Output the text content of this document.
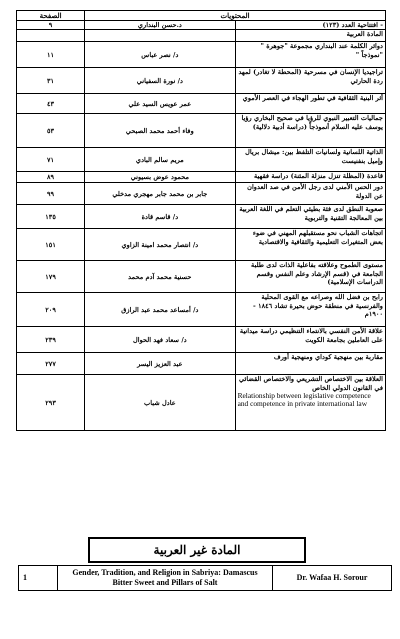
المحتويات		الصفحة
- افتتاحية العدد (١٢٣)	د.حسن البنداري	٩
المادة العربية		
دوائر الكلمة عند البنداري مجموعة "جوهرة " "نموذجاً "	د/ نصر عباس	١١
تراجيديا الإنسان في مسرحية (المحطة لا تغادر) لمهد ردة الحارثي	د/ نورة السفياني	٣١
أثر البنية الثقافية في تطور الهجاء في العصر الأموي	عمر عويس السيد علي	٤٣
جماليات التعبير النبوي للرؤيا في صحيح البخاري رؤيا يوسف عليه السلام أنموذجاً (دراسة أدبية دلالية)	وفاء أحمد محمد الصبحي	٥٣
الذاتية اللسانية ولسانيات التلفظ بين: ميشال بريال وإميل بنفنيست	مريم سالم البادي	٧١
قاعدة (المظلة تنزل منزلة المئنة) دراسة فقهية	محمود عوض بسيوني	٨٩
دور الحس الأمني لدى رجل الأمن في صد العدوان عن الدولة	جابر بن محمد جابر مهجري مدخلي	٩٩
صعوبة النطق لدى فئة بطيئي التعلم في اللغة العربية بين المعالجة التقنية والتربوية	د/ قاسم قادة	١٣٥
اتجاهات الشباب نحو مستقبلهم المهني في ضوء بعض المتغيرات التعليمية والثقافية والاقتصادية	د/ انتصار محمد امينة الزاوي	١٥١
مستوى الطموح وعلاقته بفاعلية الذات لدى طلبة الجامعة في (قسم الإرشاد وعلم النفس وقسم الدراسات الإسلامية)	حسنية محمد آدم محمد	١٧٩
رابح بن فضل الله وصراعه مع القوى المحلية والفرنسية في منطقة حوض بحيرة تشاد ١٨٤٦ - ١٩٠٠م	د/ أمساعد محمد عبد الرازق	٢٠٩
علاقة الأمن النفسي بالانتماء التنظيمي دراسة ميدانية على العاملين بجامعة الكويت	د/ سعاد فهد الحوال	٢٣٩
مقاربة بين منهجية كوداي ومنهجية أورف	عبد العزيز اليسر	٢٧٧
العلاقة بين الاختصاص التشريعي والاختصاص القضائي في القانون الدولي الخاص
Relationship between legislative competence and competence in private international law	عادل شباب	٢٩٣
المادة غير العربية
1	Gender, Tradition, and Religion in Sabriya: Damascus Bitter Sweet and Pillars of Salt	Dr. Wafaa H. Sorour
